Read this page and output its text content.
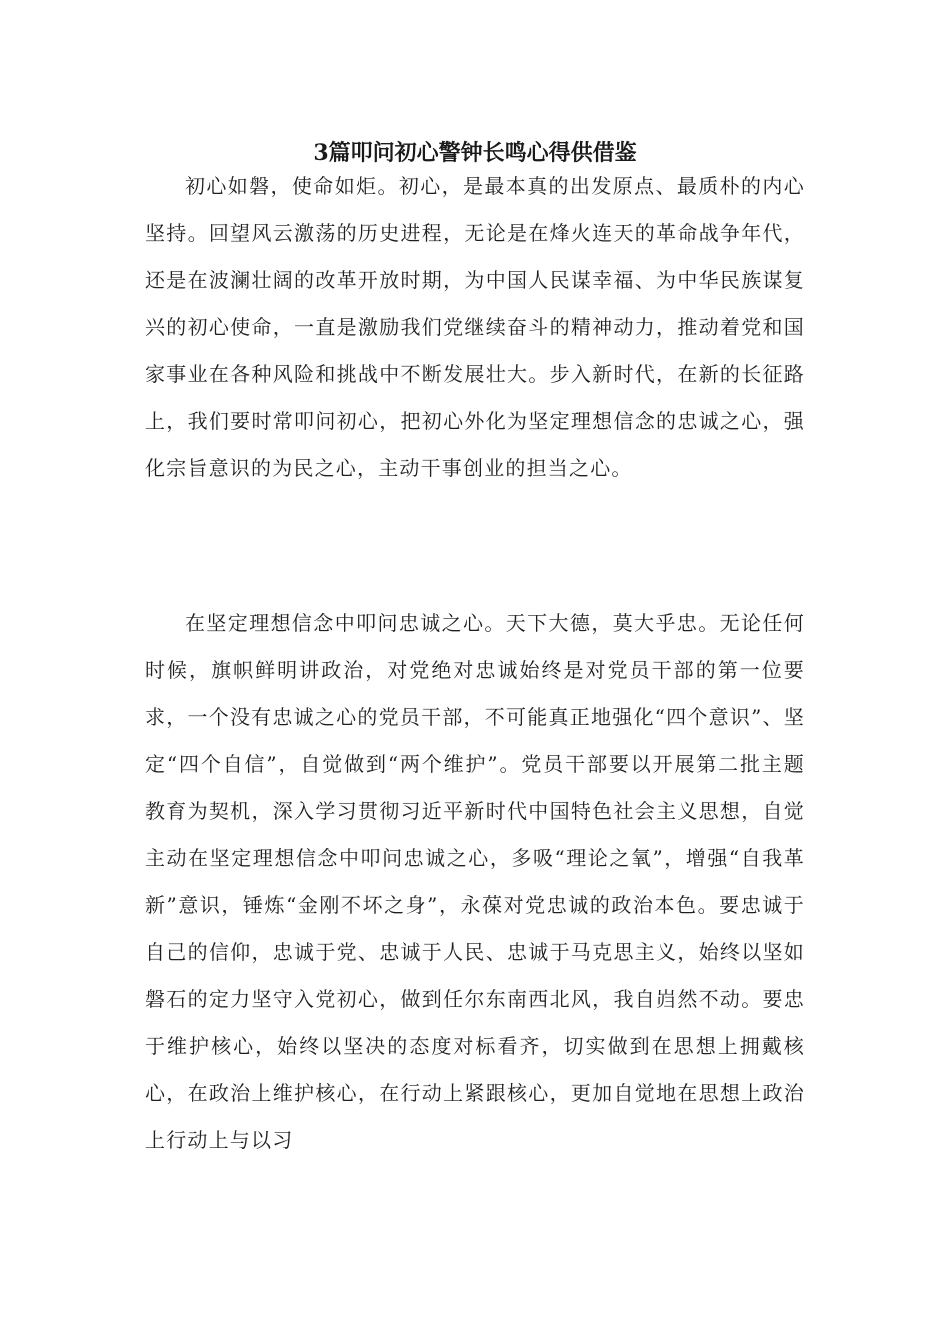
3篇叩问初心警钟长鸣心得供借鉴

初心如磐，使命如炬。初心，是最本真的出发原点、最质朴的内心坚持。回望风云激荡的历史进程，无论是在烽火连天的革命战争年代，还是在波澜壮阔的改革开放时期，为中国人民谋幸福、为中华民族谋复兴的初心使命，一直是激励我们党继续奋斗的精神动力，推动着党和国家事业在各种风险和挑战中不断发展壮大。步入新时代，在新的长征路上，我们要时常叩问初心，把初心外化为坚定理想信念的忠诚之心，强化宗旨意识的为民之心，主动干事创业的担当之心。

在坚定理想信念中叩问忠诚之心。天下大德，莫大乎忠。无论任何时候，旗帜鲜明讲政治，对党绝对忠诚始终是对党员干部的第一位要求，一个没有忠诚之心的党员干部，不可能真正地强化“四个意识”、坚定“四个自信”，自觉做到“两个维护”。党员干部要以开展第二批主题教育为契机，深入学习贯彻习近平新时代中国特色社会主义思想，自觉主动在坚定理想信念中叩问忠诚之心，多吸“理论之氧”，增强“自我革新”意识，锤炼“金刚不坏之身”，永葆对党忠诚的政治本色。要忠诚于自己的信仰，忠诚于党、忠诚于人民、忠诚于马克思主义，始终以坚如磐石的定力坚守入党初心，做到任尔东南西北风，我自岿然不动。要忠于维护核心，始终以坚决的态度对标看齐，切实做到在思想上拥戴核心，在政治上维护核心，在行动上紧跟核心，更加自觉地在思想上政治上行动上与以习
